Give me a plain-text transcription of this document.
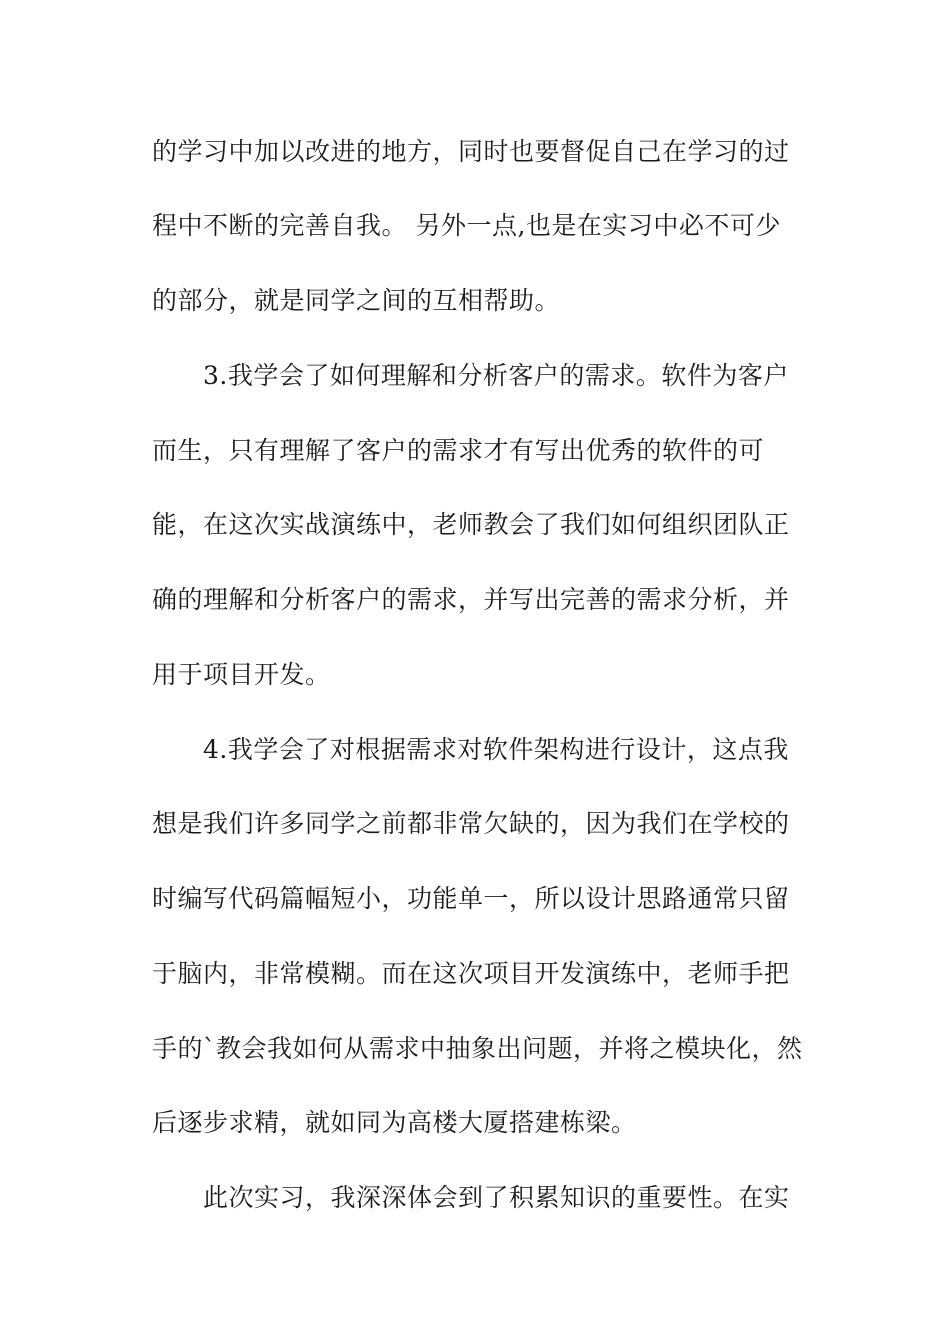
的学习中加以改进的地方，同时也要督促自己在学习的过
程中不断的完善自我。 另外一点,也是在实习中必不可少
的部分，就是同学之间的互相帮助。
3.我学会了如何理解和分析客户的需求。软件为客户
而生，只有理解了客户的需求才有写出优秀的软件的可
能，在这次实战演练中，老师教会了我们如何组织团队正
确的理解和分析客户的需求，并写出完善的需求分析，并
用于项目开发。
4.我学会了对根据需求对软件架构进行设计，这点我
想是我们许多同学之前都非常欠缺的，因为我们在学校的
时编写代码篇幅短小，功能单一，所以设计思路通常只留
于脑内，非常模糊。而在这次项目开发演练中，老师手把
手的`教会我如何从需求中抽象出问题，并将之模块化，然
后逐步求精，就如同为高楼大厦搭建栋梁。
此次实习，我深深体会到了积累知识的重要性。在实
